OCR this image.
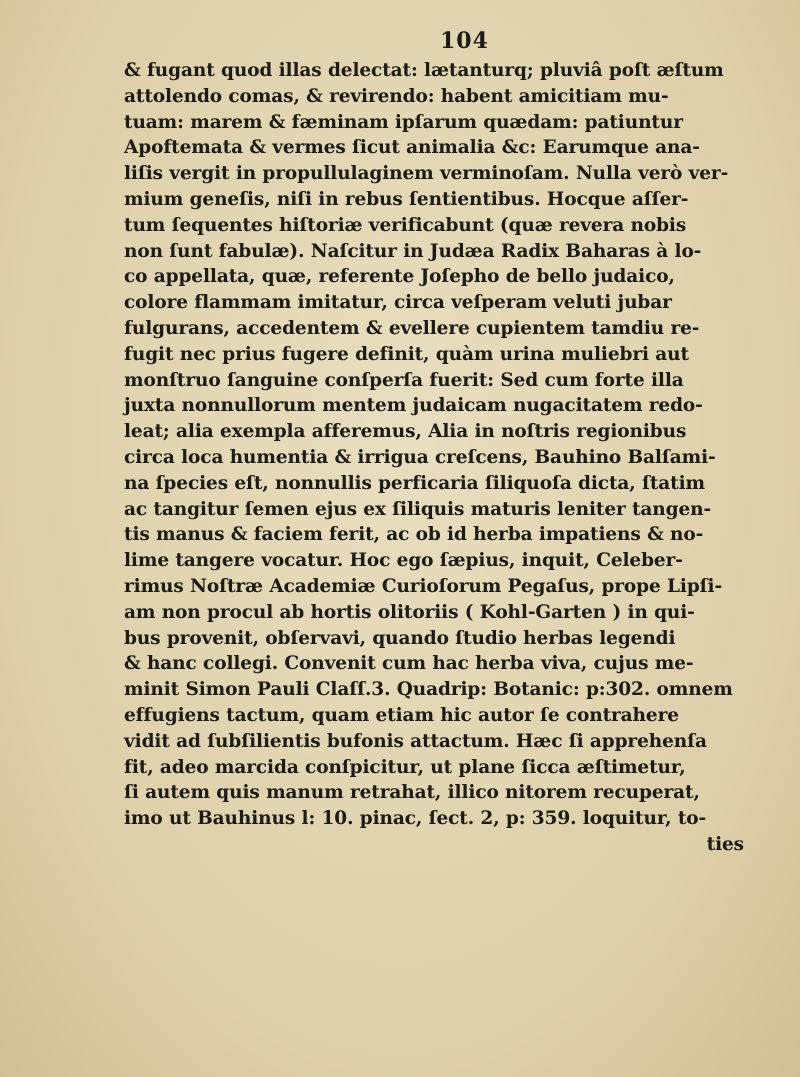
104
& fugant quod illas delectat: lætanturq; pluviâ poſt æſtum
attolendo comas, & revirendo: habent amicitiam mu-
tuam: marem & fæminam ipſarum quædam: patiuntur
Apoftemata & vermes ſicut animalia &c: Earumque ana-
liſis vergit in propullulaginem verminoſam. Nulla verò ver-
mium geneſis, niſi in rebus ſentientibus. Hocque aſſer-
tum ſequentes hiſtoriæ verificabunt (quæ revera nobis
non ſunt fabulæ). Naſcitur in Judæa Radix Baharas à lo-
co appellata, quæ, referente Joſepho de bello judaico,
colore flammam imitatur, circa veſperam veluti jubar
fulgurans, accedentem & evellere cupientem tamdiu re-
fugit nec prius fugere definit, quàm urina muliebri aut
monſtruo ſanguine conſperſa fuerit: Sed cum forte illa
juxta nonnullorum mentem judaicam nugacitatem redo-
leat; alia exempla afferemus, Alia in noſtris regionibus
circa loca humentia & irrigua creſcens, Bauhino Balſami-
na ſpecies eſt, nonnullis perficaria ſiliquoſa dicta, ſtatim
ac tangitur ſemen ejus ex ſiliquis maturis leniter tangen-
tis manus & faciem ferit, ac ob id herba impatiens & no-
lime tangere vocatur. Hoc ego ſæpius, inquit, Celeber-
rimus Noſtræ Academiæ Curioſorum Pegaſus, prope Lipſi-
am non procul ab hortis olitoriis ( Kohl-Garten ) in qui-
bus provenit, obſervavi, quando ſtudio herbas legendi
& hanc collegi. Convenit cum hac herba viva, cujus me-
minit Simon Pauli Claſſ.3. Quadrip: Botanic: p:302. omnem
effugiens tactum, quam etiam hic autor ſe contrahere
vidit ad ſubſilientis bufonis attactum. Hæc ſi apprehenſa
fit, adeo marcida conſpicitur, ut plane ſicca æſtimetur,
ſi autem quis manum retrahat, illico nitorem recuperat,
imo ut Bauhinus l: 10. pinac, ſect. 2, p: 359. loquitur, to-
ties
